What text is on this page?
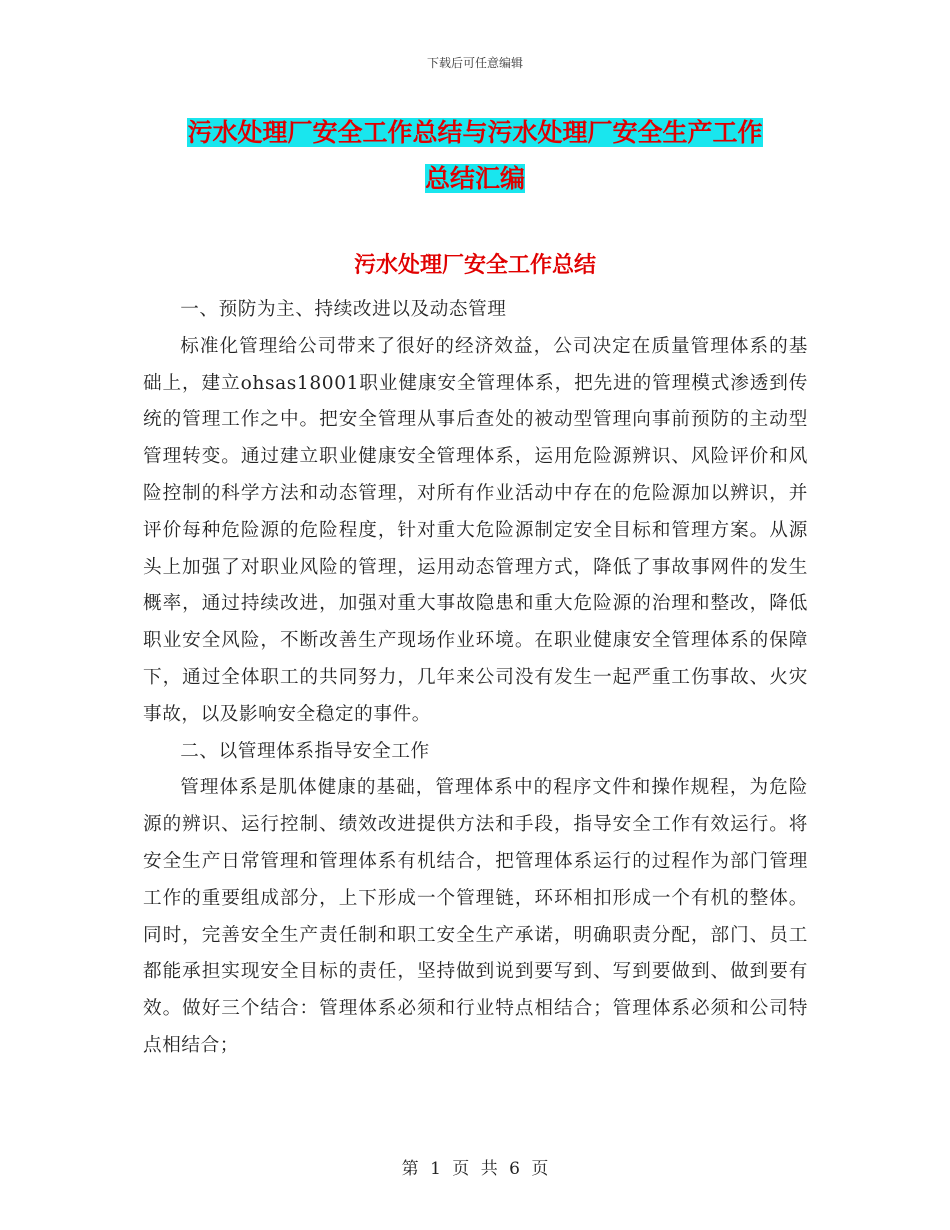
下载后可任意编辑
污水处理厂安全工作总结与污水处理厂安全生产工作
总结汇编
污水处理厂安全工作总结

一、预防为主、持续改进以及动态管理

标准化管理给公司带来了很好的经济效益，公司决定在质量管理体系的基础上，建立ohsas18001职业健康安全管理体系，把先进的管理模式渗透到传统的管理工作之中。把安全管理从事后查处的被动型管理向事前预防的主动型管理转变。通过建立职业健康安全管理体系，运用危险源辨识、风险评价和风险控制的科学方法和动态管理，对所有作业活动中存在的危险源加以辨识，并评价每种危险源的危险程度，针对重大危险源制定安全目标和管理方案。从源头上加强了对职业风险的管理，运用动态管理方式，降低了事故事网件的发生概率，通过持续改进，加强对重大事故隐患和重大危险源的治理和整改，降低职业安全风险，不断改善生产现场作业环境。在职业健康安全管理体系的保障下，通过全体职工的共同努力，几年来公司没有发生一起严重工伤事故、火灾事故，以及影响安全稳定的事件。

二、以管理体系指导安全工作

管理体系是肌体健康的基础，管理体系中的程序文件和操作规程，为危险源的辨识、运行控制、绩效改进提供方法和手段，指导安全工作有效运行。将安全生产日常管理和管理体系有机结合，把管理体系运行的过程作为部门管理工作的重要组成部分，上下形成一个管理链，环环相扣形成一个有机的整体。同时，完善安全生产责任制和职工安全生产承诺，明确职责分配，部门、员工都能承担实现安全目标的责任，坚持做到说到要写到、写到要做到、做到要有效。做好三个结合：管理体系必须和行业特点相结合；管理体系必须和公司特点相结合；

第 1 页 共 6 页
